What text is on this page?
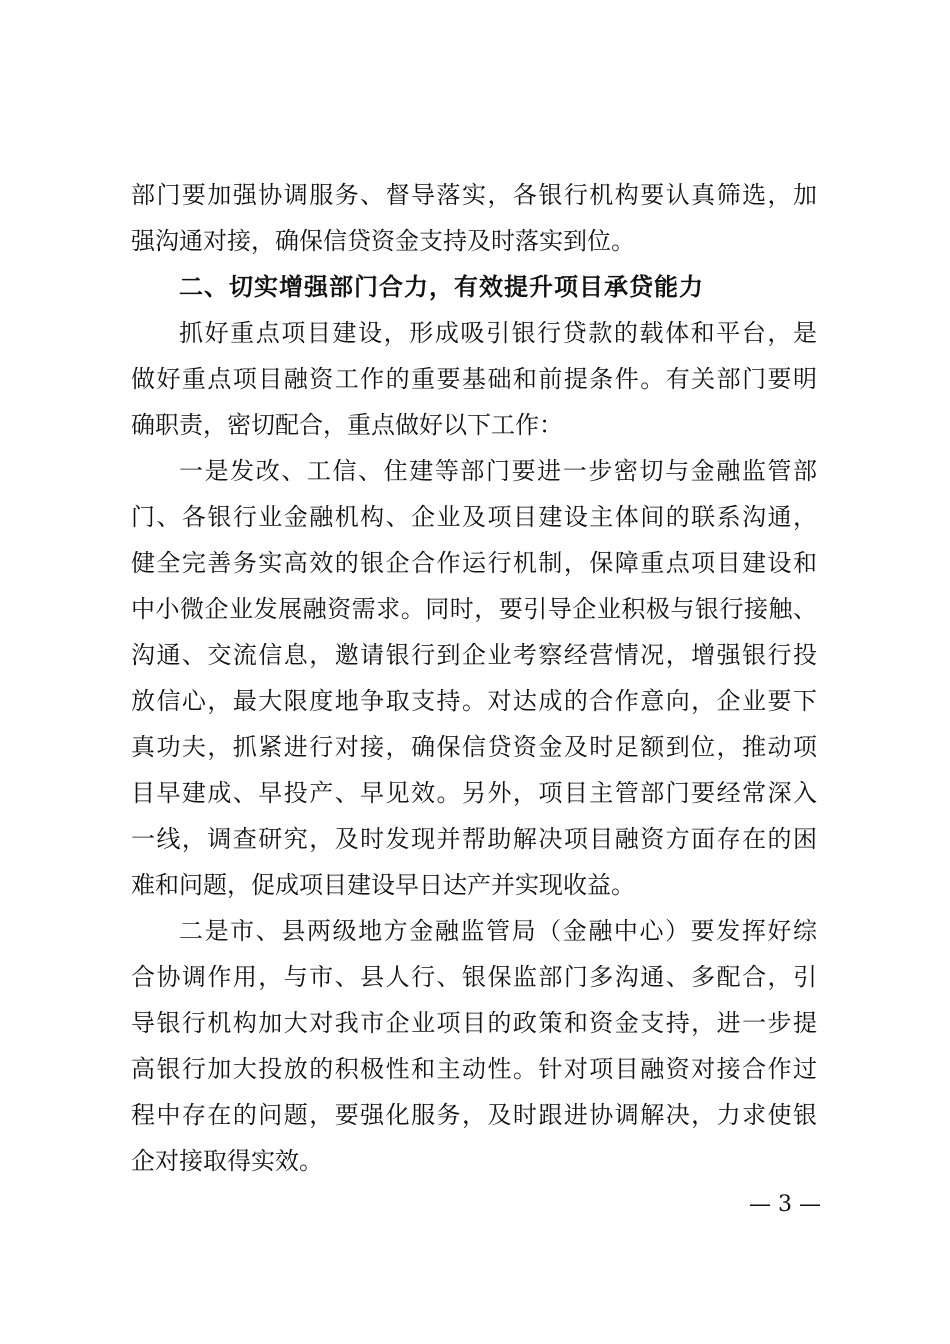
部门要加强协调服务、督导落实，各银行机构要认真筛选，加
强沟通对接，确保信贷资金支持及时落实到位。
二、切实增强部门合力，有效提升项目承贷能力
抓好重点项目建设，形成吸引银行贷款的载体和平台，是
做好重点项目融资工作的重要基础和前提条件。有关部门要明
确职责，密切配合，重点做好以下工作：
一是发改、工信、住建等部门要进一步密切与金融监管部
门、各银行业金融机构、企业及项目建设主体间的联系沟通，
健全完善务实高效的银企合作运行机制，保障重点项目建设和
中小微企业发展融资需求。同时，要引导企业积极与银行接触、
沟通、交流信息，邀请银行到企业考察经营情况，增强银行投
放信心，最大限度地争取支持。对达成的合作意向，企业要下
真功夫，抓紧进行对接，确保信贷资金及时足额到位，推动项
目早建成、早投产、早见效。另外，项目主管部门要经常深入
一线，调查研究，及时发现并帮助解决项目融资方面存在的困
难和问题，促成项目建设早日达产并实现收益。
二是市、县两级地方金融监管局（金融中心）要发挥好综
合协调作用，与市、县人行、银保监部门多沟通、多配合，引
导银行机构加大对我市企业项目的政策和资金支持，进一步提
高银行加大投放的积极性和主动性。针对项目融资对接合作过
程中存在的问题，要强化服务，及时跟进协调解决，力求使银
企对接取得实效。
— 3 —
